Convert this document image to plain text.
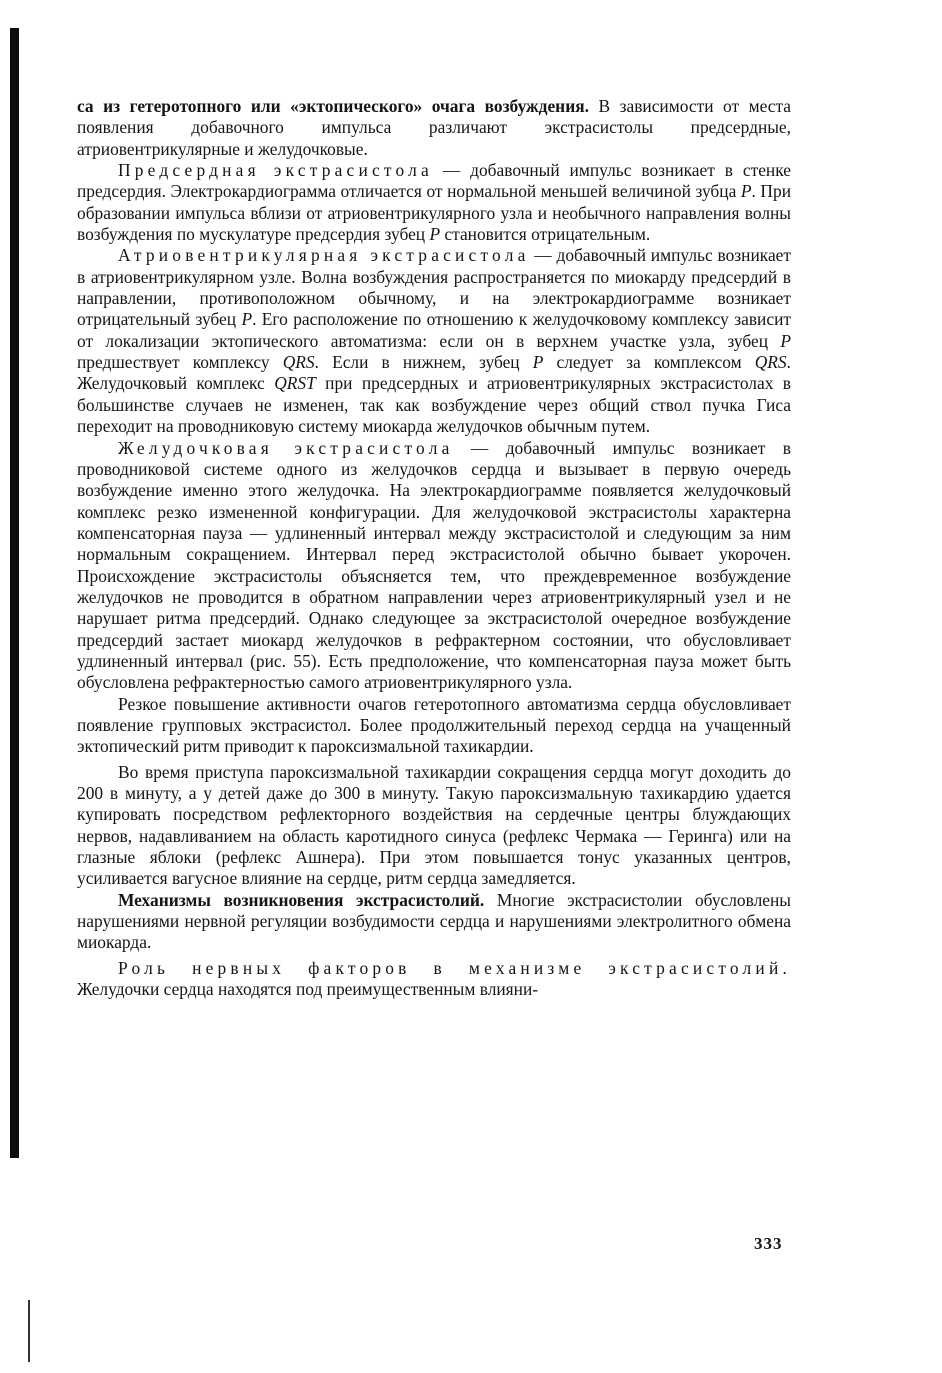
са из гетеротопного или «эктопического» очага возбуждения. В зависимости от места появления добавочного импульса различают экстрасистолы предсердные, атриовентрикулярные и желудочковые.

Предсердная экстрасистола — добавочный импульс возникает в стенке предсердия. Электрокардиограмма отличается от нормальной меньшей величиной зубца P. При образовании импульса вблизи от атриовентрикулярного узла и необычного направления волны возбуждения по мускулатуре предсердия зубец P становится отрицательным.

Атриовентрикулярная экстрасистола — добавочный импульс возникает в атриовентрикулярном узле. Волна возбуждения распространяется по миокарду предсердий в направлении, противоположном обычному, и на электрокардиограмме возникает отрицательный зубец P. Его расположение по отношению к желудочковому комплексу зависит от локализации эктопического автоматизма: если он в верхнем участке узла, зубец P предшествует комплексу QRS. Если в нижнем, зубец P следует за комплексом QRS. Желудочковый комплекс QRST при предсердных и атриовентрикулярных экстрасистолах в большинстве случаев не изменен, так как возбуждение через общий ствол пучка Гиса переходит на проводниковую систему миокарда желудочков обычным путем.

Желудочковая экстрасистола — добавочный импульс возникает в проводниковой системе одного из желудочков сердца и вызывает в первую очередь возбуждение именно этого желудочка. На электрокардиограмме появляется желудочковый комплекс резко измененной конфигурации. Для желудочковой экстрасистолы характерна компенсаторная пауза — удлиненный интервал между экстрасистолой и следующим за ним нормальным сокращением. Интервал перед экстрасистолой обычно бывает укорочен. Происхождение экстрасистолы объясняется тем, что преждевременное возбуждение желудочков не проводится в обратном направлении через атриовентрикулярный узел и не нарушает ритма предсердий. Однако следующее за экстрасистолой очередное возбуждение предсердий застает миокард желудочков в рефрактерном состоянии, что обусловливает удлиненный интервал (рис. 55). Есть предположение, что компенсаторная пауза может быть обусловлена рефрактерностью самого атриовентрикулярного узла.

Резкое повышение активности очагов гетеротопного автоматизма сердца обусловливает появление групповых экстрасистол. Более продолжительный переход сердца на учащенный эктопический ритм приводит к пароксизмальной тахикардии.

Во время приступа пароксизмальной тахикардии сокращения сердца могут доходить до 200 в минуту, а у детей даже до 300 в минуту. Такую пароксизмальную тахикардию удается купировать посредством рефлекторного воздействия на сердечные центры блуждающих нервов, надавливанием на область каротидного синуса (рефлекс Чермака — Геринга) или на глазные яблоки (рефлекс Ашнера). При этом повышается тонус указанных центров, усиливается вагусное влияние на сердце, ритм сердца замедляется.

Механизмы возникновения экстрасистолий. Многие экстрасистолии обусловлены нарушениями нервной регуляции возбудимости сердца и нарушениями электролитного обмена миокарда.

Роль нервных факторов в механизме экстрасистолий. Желудочки сердца находятся под преимущественным влияни-

333
